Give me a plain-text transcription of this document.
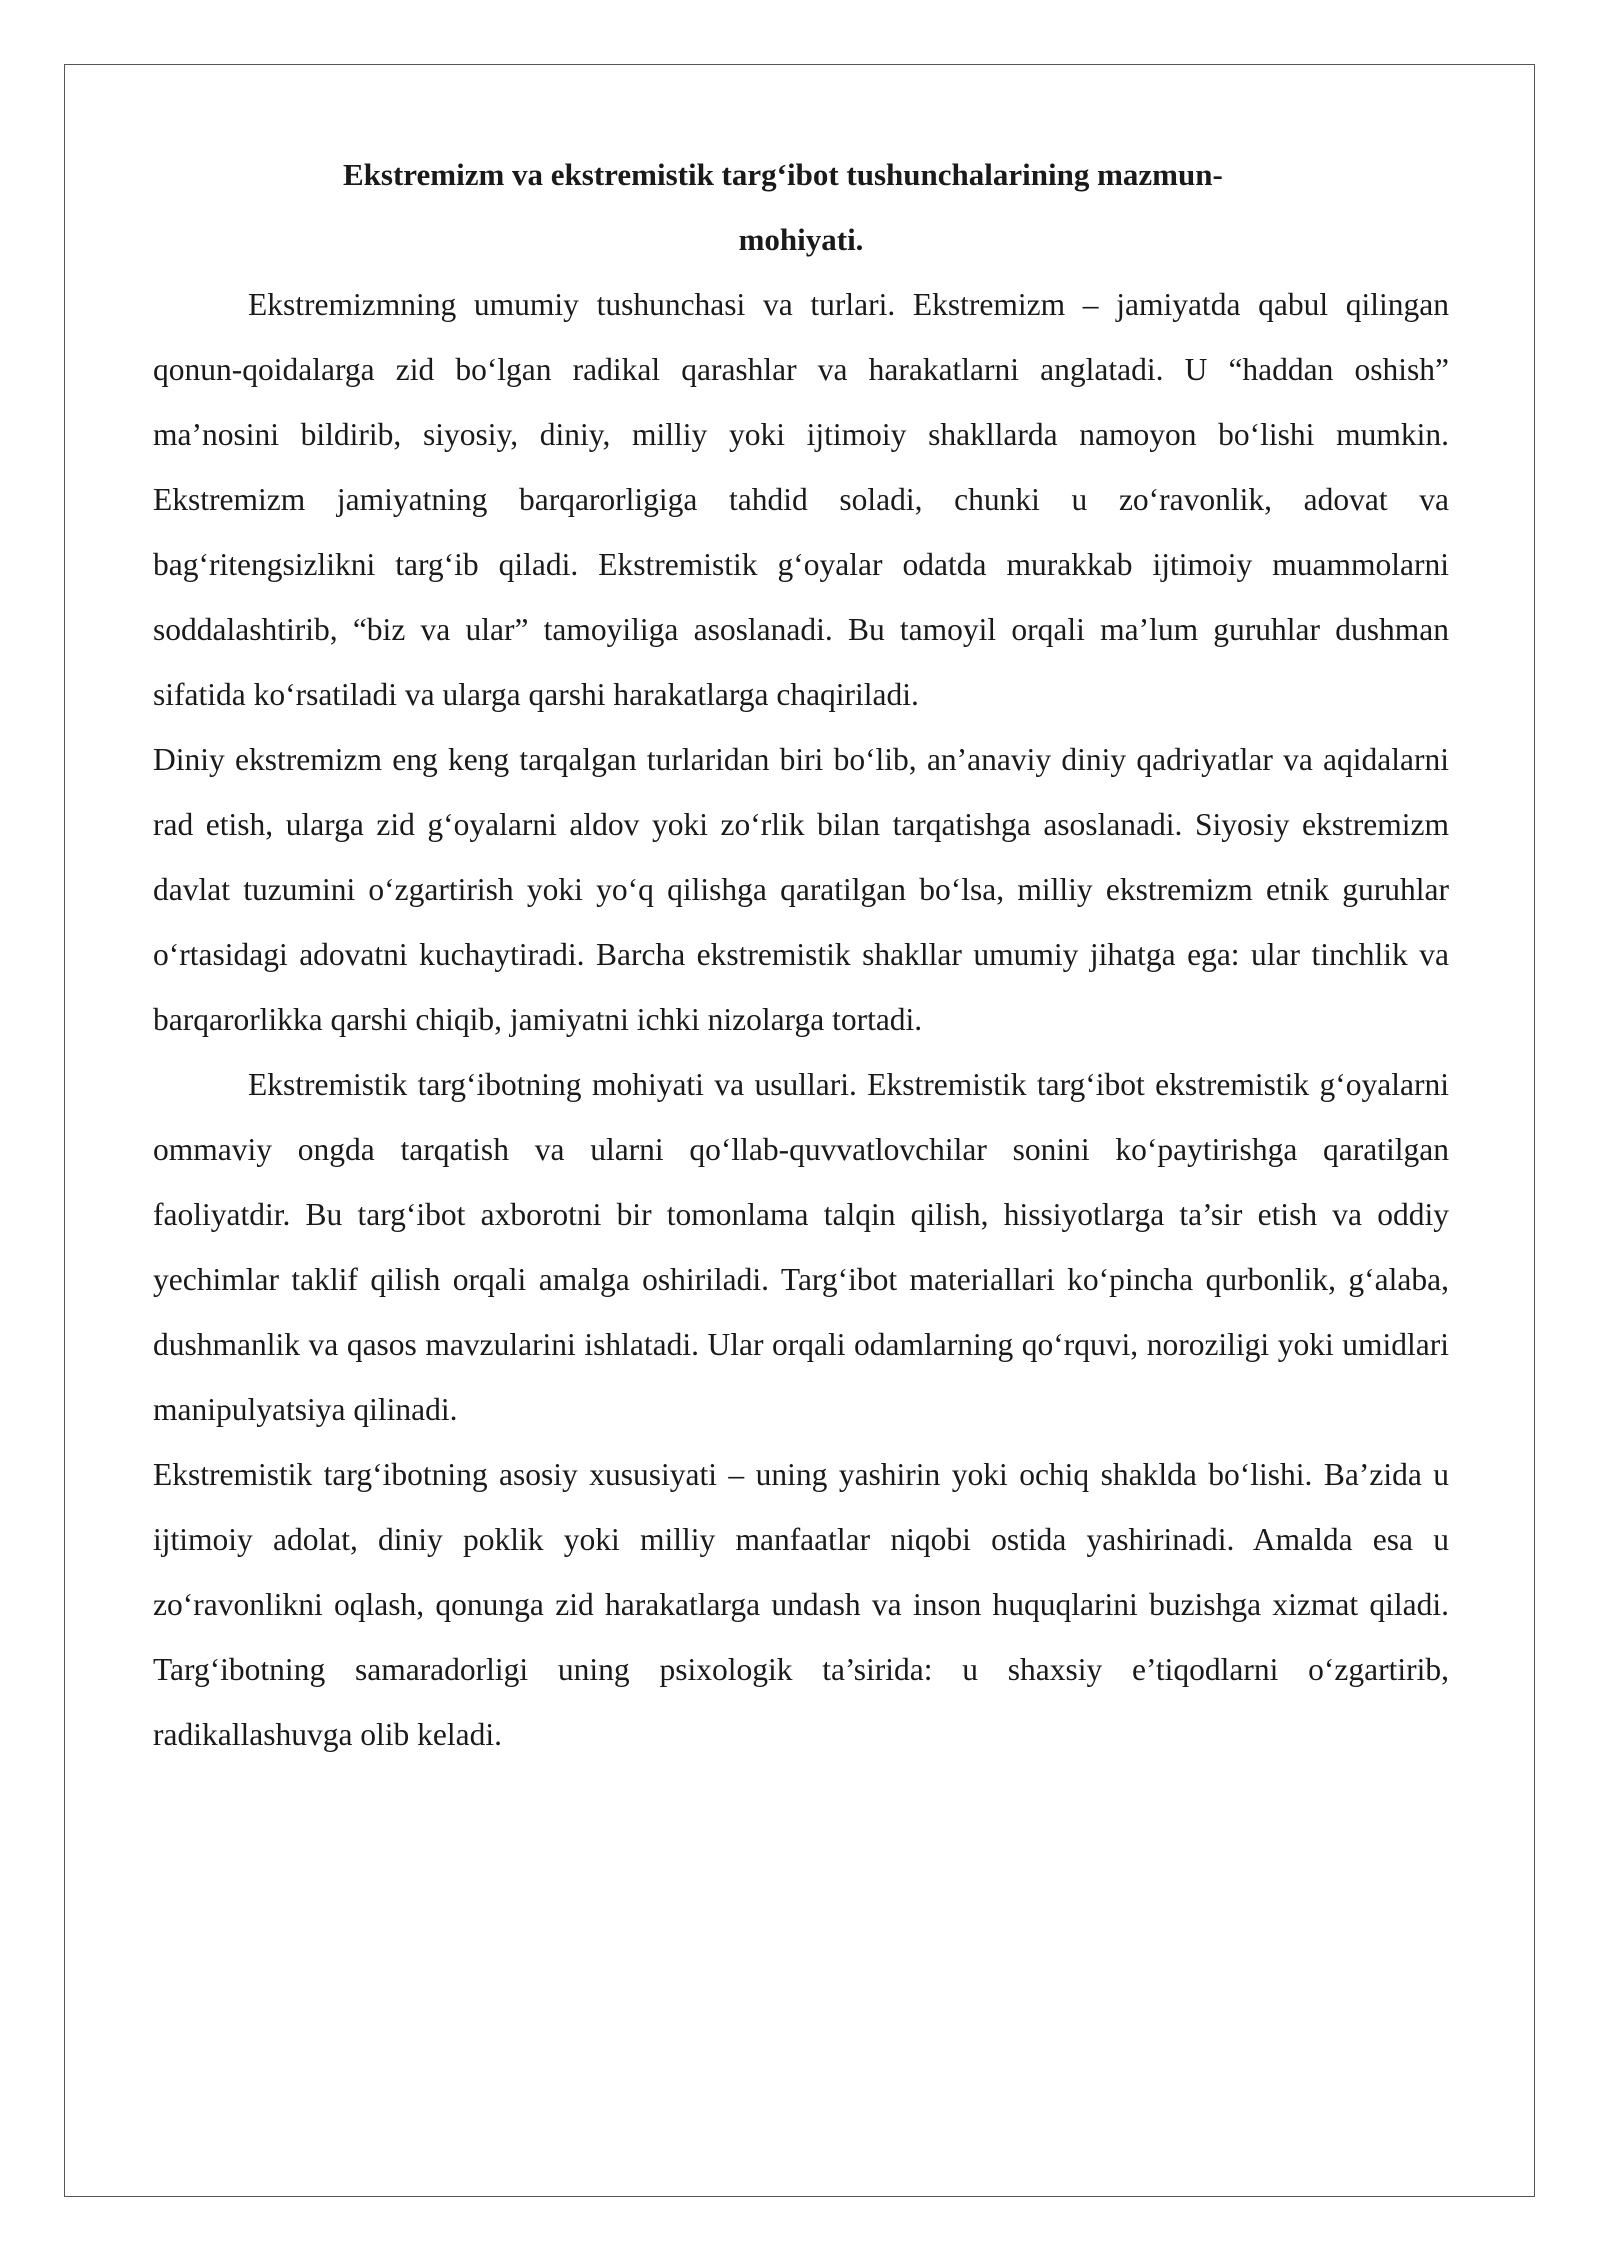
Ekstremizm va ekstremistik targ‘ibot tushunchalarining mazmun-
mohiyati.

Ekstremizmning umumiy tushunchasi va turlari. Ekstremizm – jamiyatda qabul qilingan qonun-qoidalarga zid bo‘lgan radikal qarashlar va harakatlarni anglatadi. U “haddan oshish” ma’nosini bildirib, siyosiy, diniy, milliy yoki ijtimoiy shakllarda namoyon bo‘lishi mumkin. Ekstremizm jamiyatning barqarorligiga tahdid soladi, chunki u zo‘ravonlik, adovat va bag‘ritengsizlikni targ‘ib qiladi. Ekstremistik g‘oyalar odatda murakkab ijtimoiy muammolarni soddalashtirib, “biz va ular” tamoyiliga asoslanadi. Bu tamoyil orqali ma’lum guruhlar dushman sifatida ko‘rsatiladi va ularga qarshi harakatlarga chaqiriladi.

Diniy ekstremizm eng keng tarqalgan turlaridan biri bo‘lib, an’anaviy diniy qadriyatlar va aqidalarni rad etish, ularga zid g‘oyalarni aldov yoki zo‘rlik bilan tarqatishga asoslanadi. Siyosiy ekstremizm davlat tuzumini o‘zgartirish yoki yo‘q qilishga qaratilgan bo‘lsa, milliy ekstremizm etnik guruhlar o‘rtasidagi adovatni kuchaytiradi. Barcha ekstremistik shakllar umumiy jihatga ega: ular tinchlik va barqarorlikka qarshi chiqib, jamiyatni ichki nizolarga tortadi.

Ekstremistik targ‘ibotning mohiyati va usullari. Ekstremistik targ‘ibot ekstremistik g‘oyalarni ommaviy ongda tarqatish va ularni qo‘llab-quvvatlovchilar sonini ko‘paytirishga qaratilgan faoliyatdir. Bu targ‘ibot axborotni bir tomonlama talqin qilish, hissiyotlarga ta’sir etish va oddiy yechimlar taklif qilish orqali amalga oshiriladi. Targ‘ibot materiallari ko‘pincha qurbonlik, g‘alaba, dushmanlik va qasos mavzularini ishlatadi. Ular orqali odamlarning qo‘rquvi, noroziligi yoki umidlari manipulyatsiya qilinadi.

Ekstremistik targ‘ibotning asosiy xususiyati – uning yashirin yoki ochiq shaklda bo‘lishi. Ba’zida u ijtimoiy adolat, diniy poklik yoki milliy manfaatlar niqobi ostida yashirinadi. Amalda esa u zo‘ravonlikni oqlash, qonunga zid harakatlarga undash va inson huquqlarini buzishga xizmat qiladi. Targ‘ibotning samaradorligi uning psixologik ta’sirida: u shaxsiy e’tiqodlarni o‘zgartirib, radikallashuvga olib keladi.
